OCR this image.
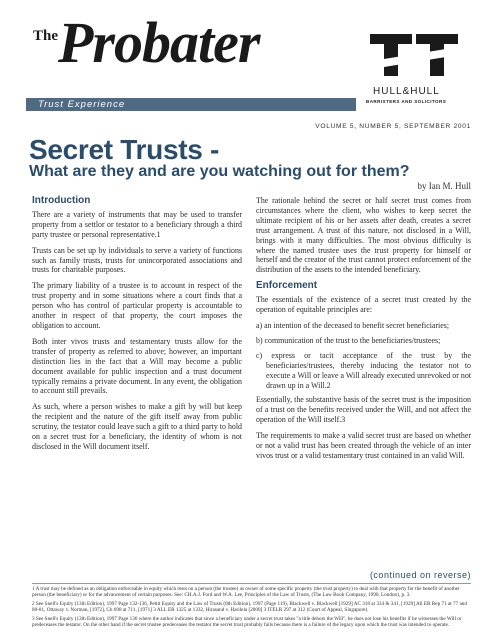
The Probater
HULL&HULL
BARRISTERS AND SOLICITORS
Trust Experience
VOLUME 5, NUMBER 5, SEPTEMBER 2001
Secret Trusts -
What are they and are you watching out for them?
by Ian M. Hull
Introduction

There are a variety of instruments that may be used to transfer property from a settlor or testator to a beneficiary through a third party trustee or personal representative.1

Trusts can be set up by individuals to serve a variety of functions such as family trusts, trusts for unincorporated associations and trusts for charitable purposes.

The primary liability of a trustee is to account in respect of the trust property and in some situations where a court finds that a person who has control of particular property is accountable to another in respect of that property, the court imposes the obligation to account.

Both inter vivos trusts and testamentary trusts allow for the transfer of property as referred to above; however, an important distinction lies in the fact that a Will may become a public document available for public inspection and a trust document typically remains a private document. In any event, the obligation to account still prevails.

As such, where a person wishes to make a gift by will but keep the recipient and the nature of the gift itself away from public scrutiny, the testator could leave such a gift to a third party to hold on a secret trust for a beneficiary, the identity of whom is not disclosed in the Will document itself.

The rationale behind the secret or half secret trust comes from circumstances where the client, who wishes to keep secret the ultimate recipient of his or her assets after death, creates a secret trust arrangement. A trust of this nature, not disclosed in a Will, brings with it many difficulties. The most obvious difficulty is where the named trustee uses the trust property for himself or herself and the creator of the trust cannot protect enforcement of the distribution of the assets to the intended beneficiary.

Enforcement

The essentials of the existence of a secret trust created by the operation of equitable principles are:

a) an intention of the deceased to benefit secret beneficiaries;
b) communication of the trust to the beneficiaries/trustees;
c) express or tacit acceptance of the trust by the beneficiaries/trustees, thereby inducing the testator not to execute a Will or leave a Will already executed unrevoked or not drawn up in a Will.2

Essentially, the substantive basis of the secret trust is the imposition of a trust on the benefits received under the Will, and not affect the operation of the Will itself.3

The requirements to make a valid secret trust are based on whether or not a valid trust has been created through the vehicle of an inter vivos trust or a valid testamentary trust contained in an valid Will.

(continued on reverse)

1 A trust may be defined as an obligation enforceable in equity which rests on a person (the trustee) as owner of some specific property (the trust property) to deal with that property for the benefit of another person (the beneficiary) or for the advancement of certain purposes. See: CH.A.J. Ford and W.A. Lee, Principles of the Law of Trusts, (The Law Book Company, 1990, London), p. 3.

2 See Snell's Equity (13th Edition), 1997 Page 132-136, Pettit Equity and the Law of Trusts (8th Edition), 1997 (Page 119), Blackwell v. Blackwell [1929] AC 318 at 334 & 341, [1929] All ER Rep 71 at 77 and 80-81, Ottaway v. Norman, [1972], Ch 698 at 711, [1971] 3 ALL ER 1325 at 1332, Hirasand v. Harilela [2000] 3 ITELR 297 at 312 (Court of Appeal, Singapore).

3 See Snell's Equity (13th Edition), 1997 Page 136 where the author indicates that since a beneficiary under a secret trust takes "a title dehors the Will", he does not lose his benefits if he witnesses the Will or predeceases the testator. On the other hand if the secret trustee predeceases the testator the secret trust probably fails because there is a failure of the legacy upon which the trust was intended to operate.
